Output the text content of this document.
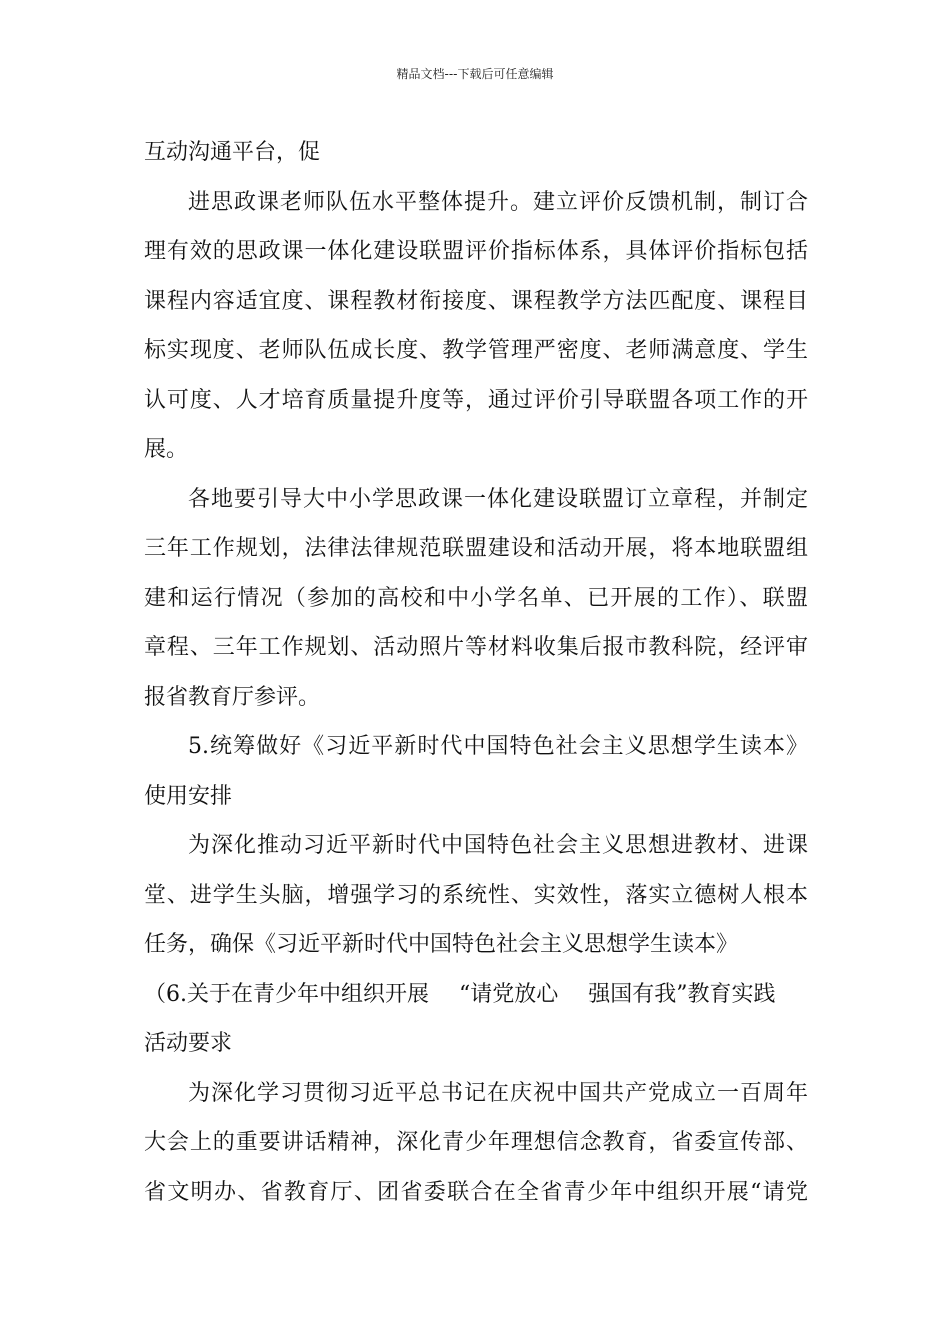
精品文档---下载后可任意编辑
互动沟通平台，促
进思政课老师队伍水平整体提升。建立评价反馈机制，制订合
理有效的思政课一体化建设联盟评价指标体系，具体评价指标包括
课程内容适宜度、课程教材衔接度、课程教学方法匹配度、课程目
标实现度、老师队伍成长度、教学管理严密度、老师满意度、学生
认可度、人才培育质量提升度等，通过评价引导联盟各项工作的开
展。
各地要引导大中小学思政课一体化建设联盟订立章程，并制定
三年工作规划，法律法律规范联盟建设和活动开展，将本地联盟组
建和运行情况（参加的高校和中小学名单、已开展的工作）、联盟
章程、三年工作规划、活动照片等材料收集后报市教科院，经评审
报省教育厅参评。
5.统筹做好《习近平新时代中国特色社会主义思想学生读本》
使用安排
为深化推动习近平新时代中国特色社会主义思想进教材、进课
堂、进学生头脑，增强学习的系统性、实效性，落实立德树人根本
任务，确保《习近平新时代中国特色社会主义思想学生读本》
（6.关于在青少年中组织开展 “请党放心 强国有我”教育实践
活动要求
为深化学习贯彻习近平总书记在庆祝中国共产党成立一百周年
大会上的重要讲话精神，深化青少年理想信念教育，省委宣传部、
省文明办、省教育厅、团省委联合在全省青少年中组织开展“请党
